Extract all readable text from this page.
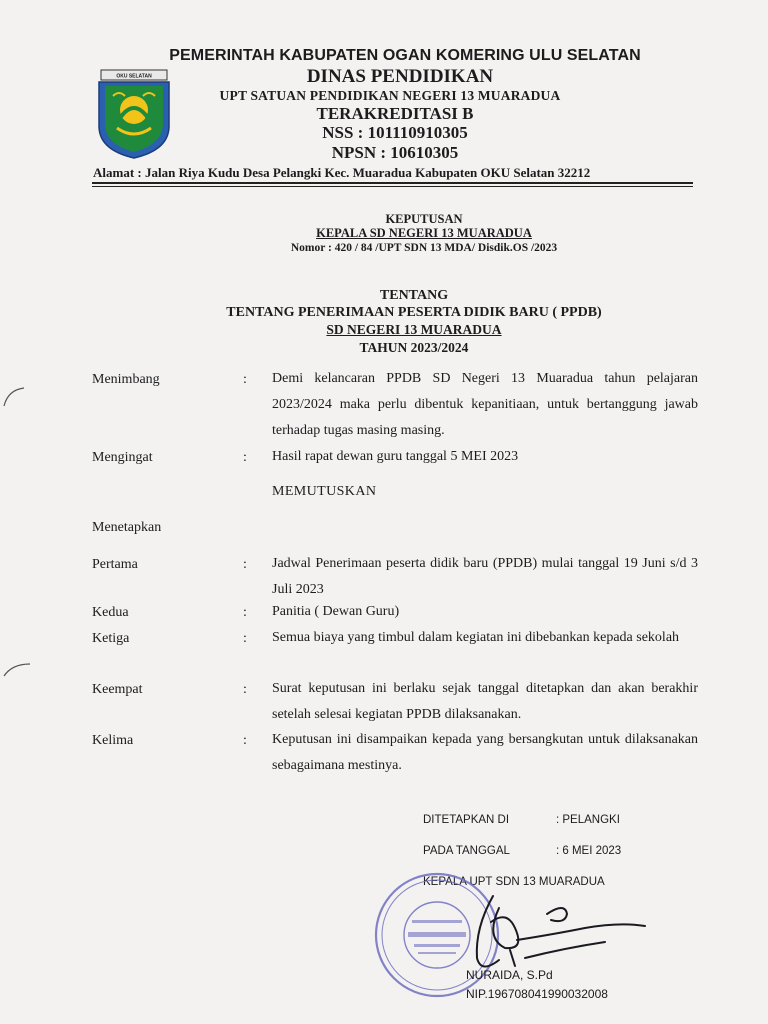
OKU SELATAN
PEMERINTAH KABUPATEN OGAN KOMERING ULU SELATAN
DINAS PENDIDIKAN
UPT SATUAN PENDIDIKAN NEGERI 13 MUARADUA
TERAKREDITASI B
NSS : 101110910305
NPSN : 10610305
Alamat : Jalan Riya Kudu Desa Pelangki Kec. Muaradua Kabupaten OKU Selatan 32212
KEPUTUSAN
KEPALA SD NEGERI 13 MUARADUA
Nomor : 420 / 84 /UPT SDN 13 MDA/ Disdik.OS /2023
TENTANG
TENTANG PENERIMAAN PESERTA DIDIK BARU ( PPDB)
SD NEGERI 13 MUARADUA
TAHUN 2023/2024
Menimbang	: Demi kelancaran PPDB SD Negeri 13 Muaradua tahun pelajaran 2023/2024 maka perlu dibentuk kepanitiaan, untuk bertanggung jawab terhadap tugas masing masing.
Mengingat	: Hasil rapat dewan guru tanggal 5 MEI 2023
MEMUTUSKAN
Menetapkan
Pertama	: Jadwal Penerimaan peserta didik baru (PPDB) mulai tanggal 19 Juni s/d 3 Juli 2023
Kedua	: Panitia ( Dewan Guru)
Ketiga	: Semua biaya yang timbul dalam kegiatan ini dibebankan kepada sekolah
Keempat	: Surat keputusan ini berlaku sejak tanggal ditetapkan dan akan berakhir setelah selesai kegiatan PPDB dilaksanakan.
Kelima	: Keputusan ini disampaikan kepada yang bersangkutan untuk dilaksanakan sebagaimana mestinya.
DITETAPKAN DI	: PELANGKI
PADA TANGGAL	: 6 MEI 2023
KEPALA UPT SDN 13 MUARADUA
NURAIDA, S.Pd
NIP.196708041990032008
